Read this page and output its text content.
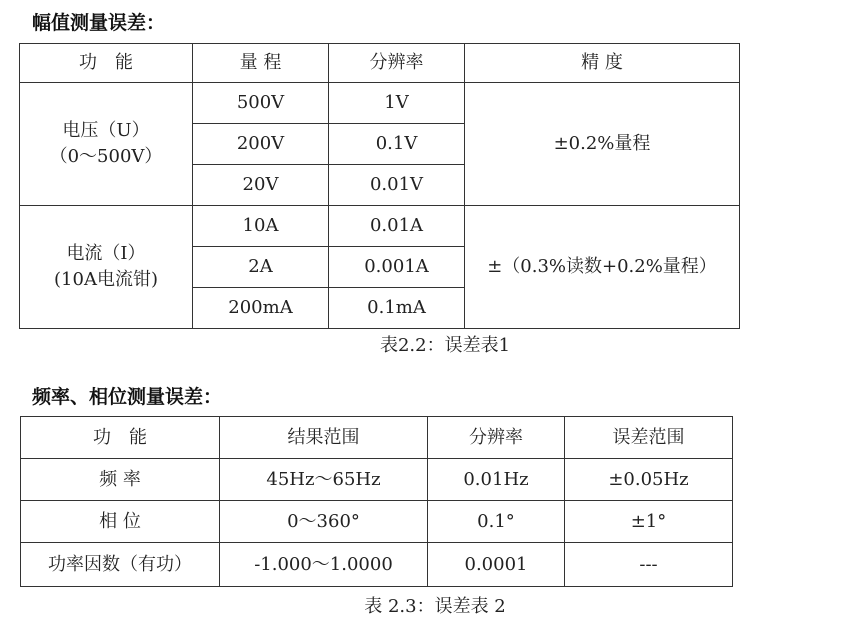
幅值测量误差：
功　能	量 程	分辨率	精 度

电压（U）
（0～500V）	500V	1V	±0.2%量程
	200V	0.1V	
	20V	0.01V	

电流（I）
(10A电流钳)	10A	0.01A	±（0.3%读数+0.2%量程）
	2A	0.001A	
	200mA	0.1mA	
表2.2：误差表1
频率、相位测量误差：
功　能	结果范围	分辨率	误差范围
频 率	45Hz～65Hz	0.01Hz	±0.05Hz
相 位	0～360°	0.1°	±1°
功率因数（有功）	-1.000～1.0000	0.0001	---
表 2.3：误差表 2
